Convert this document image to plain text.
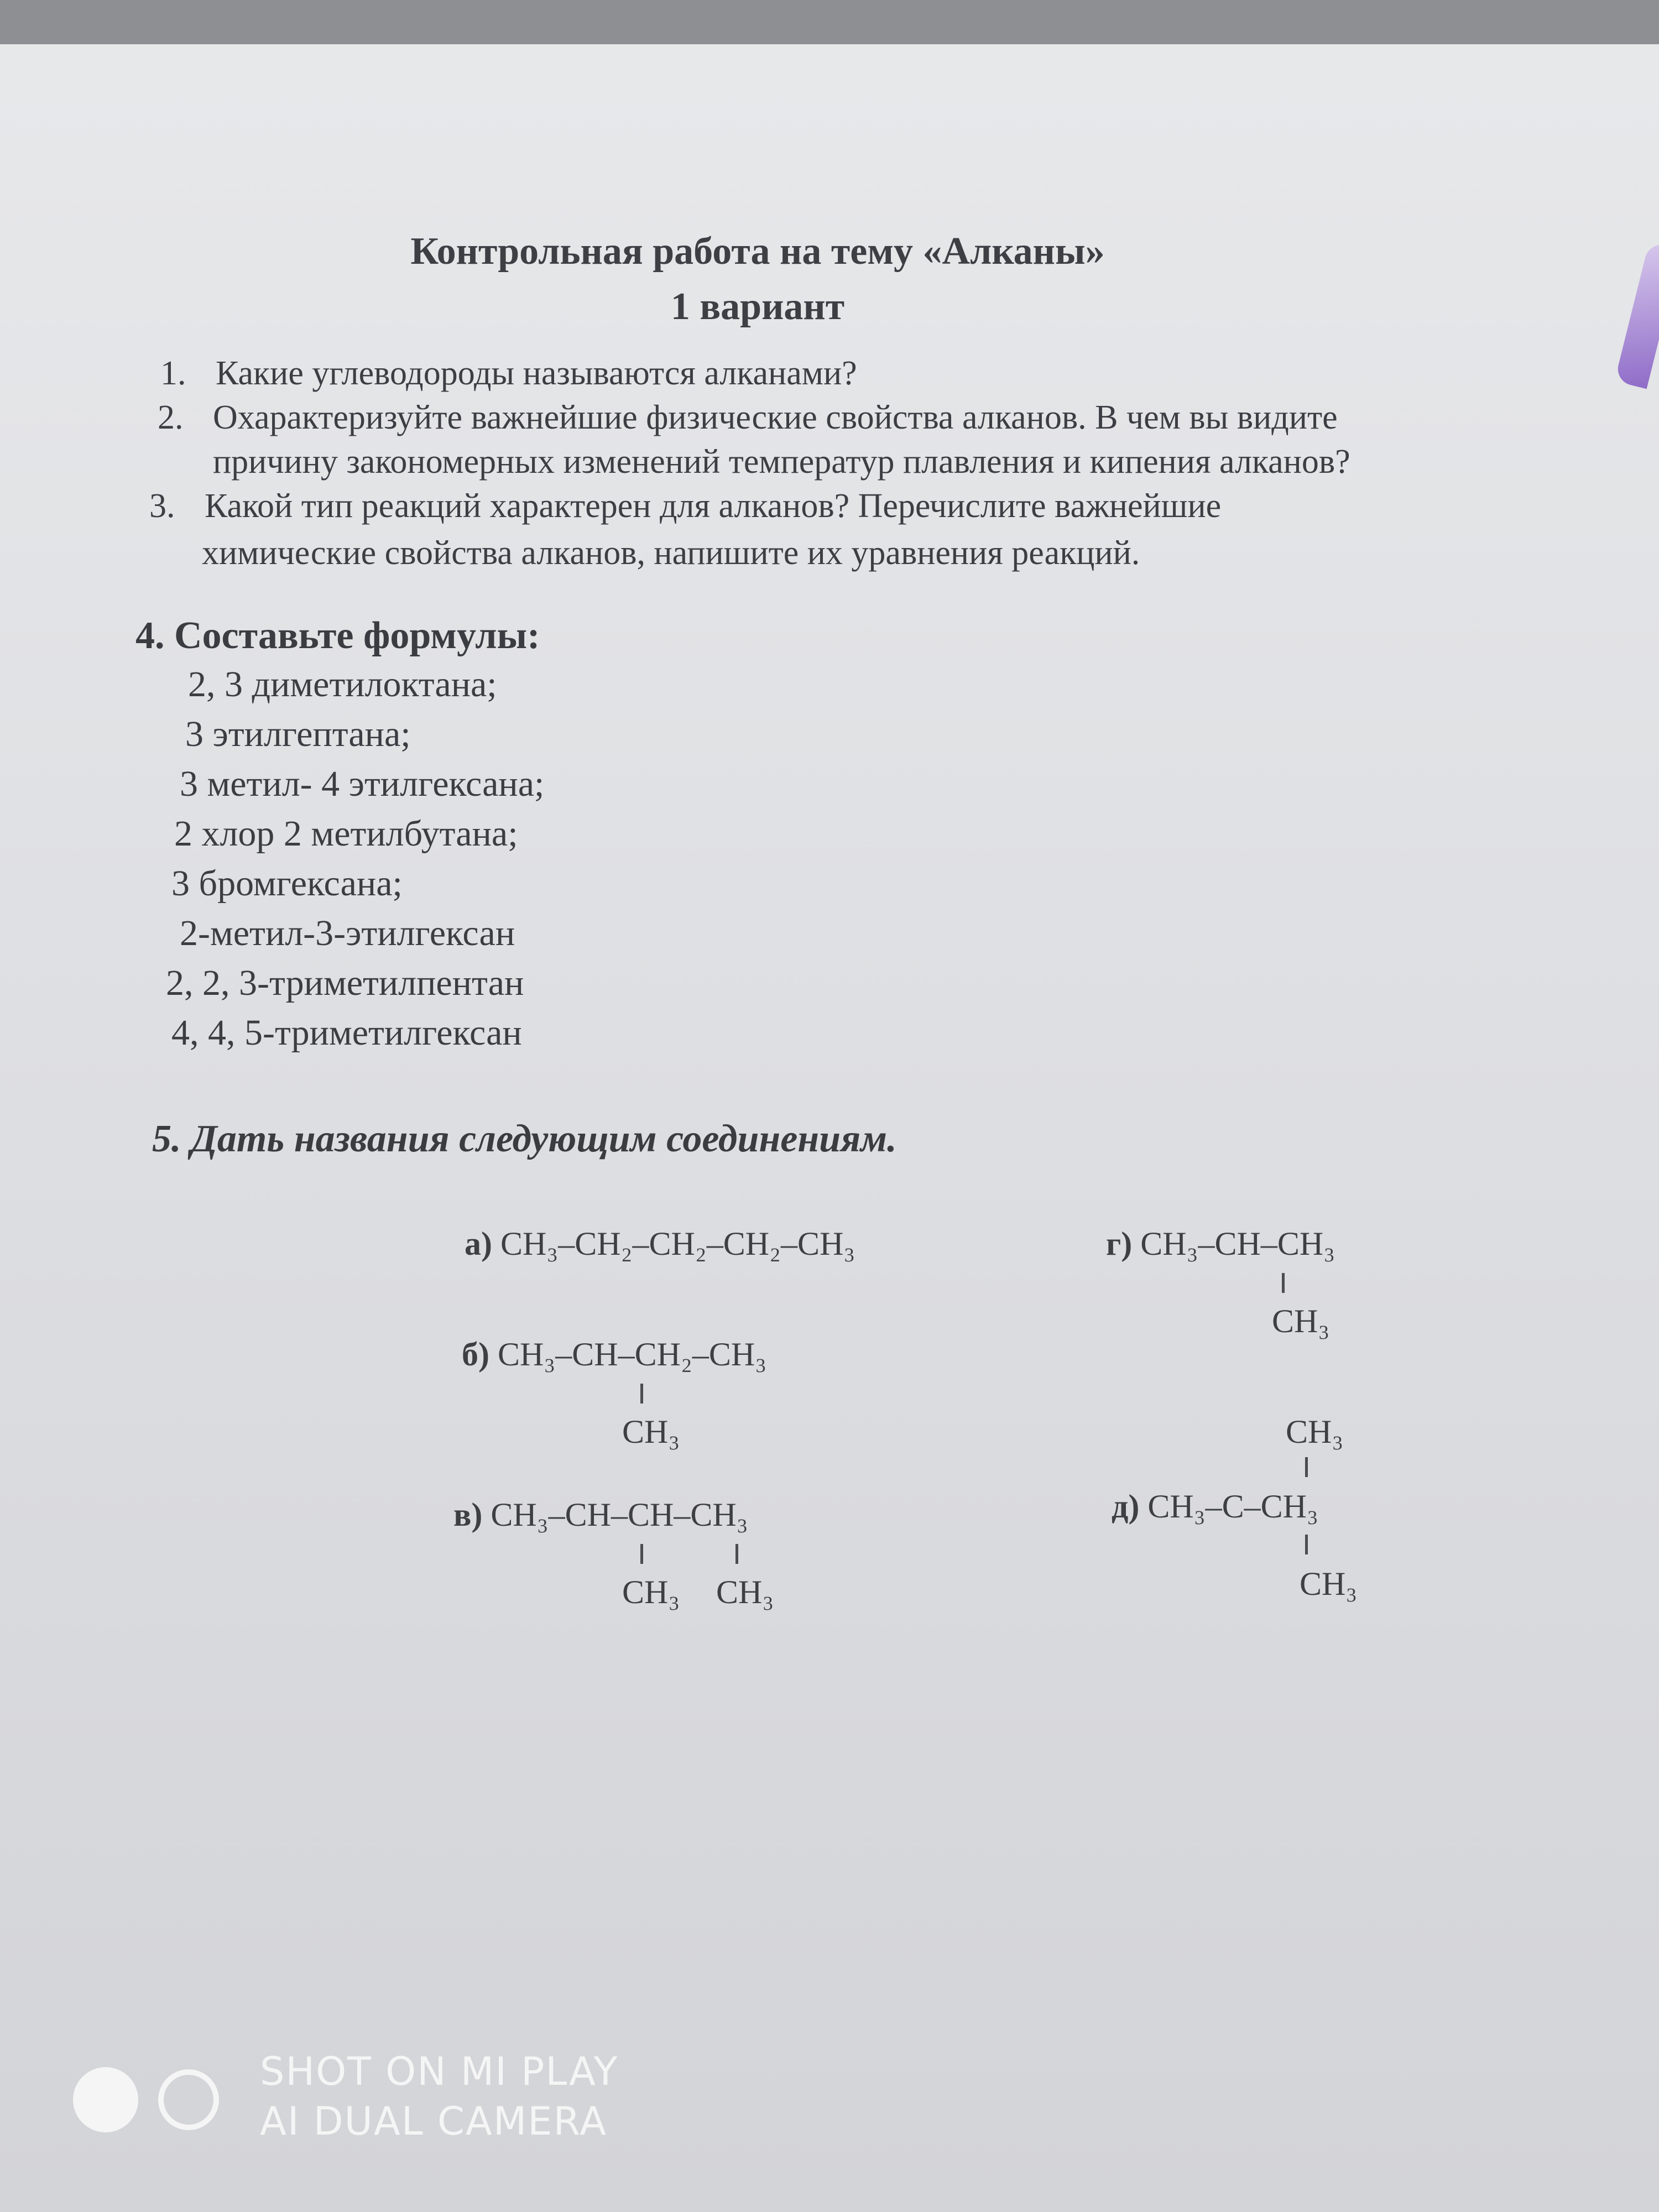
Контрольная работа на тему «Алканы»
1 вариант
1. Какие углеводороды называются алканами?
2. Охарактеризуйте важнейшие физические свойства алканов. В чем вы видите
причину закономерных изменений температур плавления и кипения алканов?
3. Какой тип реакций характерен для алканов? Перечислите важнейшие
химические свойства алканов, напишите их уравнения реакций.
4. Составьте формулы:
2, 3 диметилоктана;
3 этилгептана;
3 метил- 4 этилгексана;
2 хлор 2 метилбутана;
3 бромгексана;
2-метил-3-этилгексан
2, 2, 3-триметилпентан
4, 4, 5-триметилгексан
5. Дать названия следующим соединениям.
а) CH₃–CH₂–CH₂–CH₂–CH₃
б) CH₃–CH–CH₂–CH₃
CH₃
в) CH₃–CH–CH–CH₃
CH₃ CH₃
г) CH₃–CH–CH₃
CH₃
CH₃
д) CH₃–C–CH₃
CH₃
SHOT ON MI PLAY
AI DUAL CAMERA
